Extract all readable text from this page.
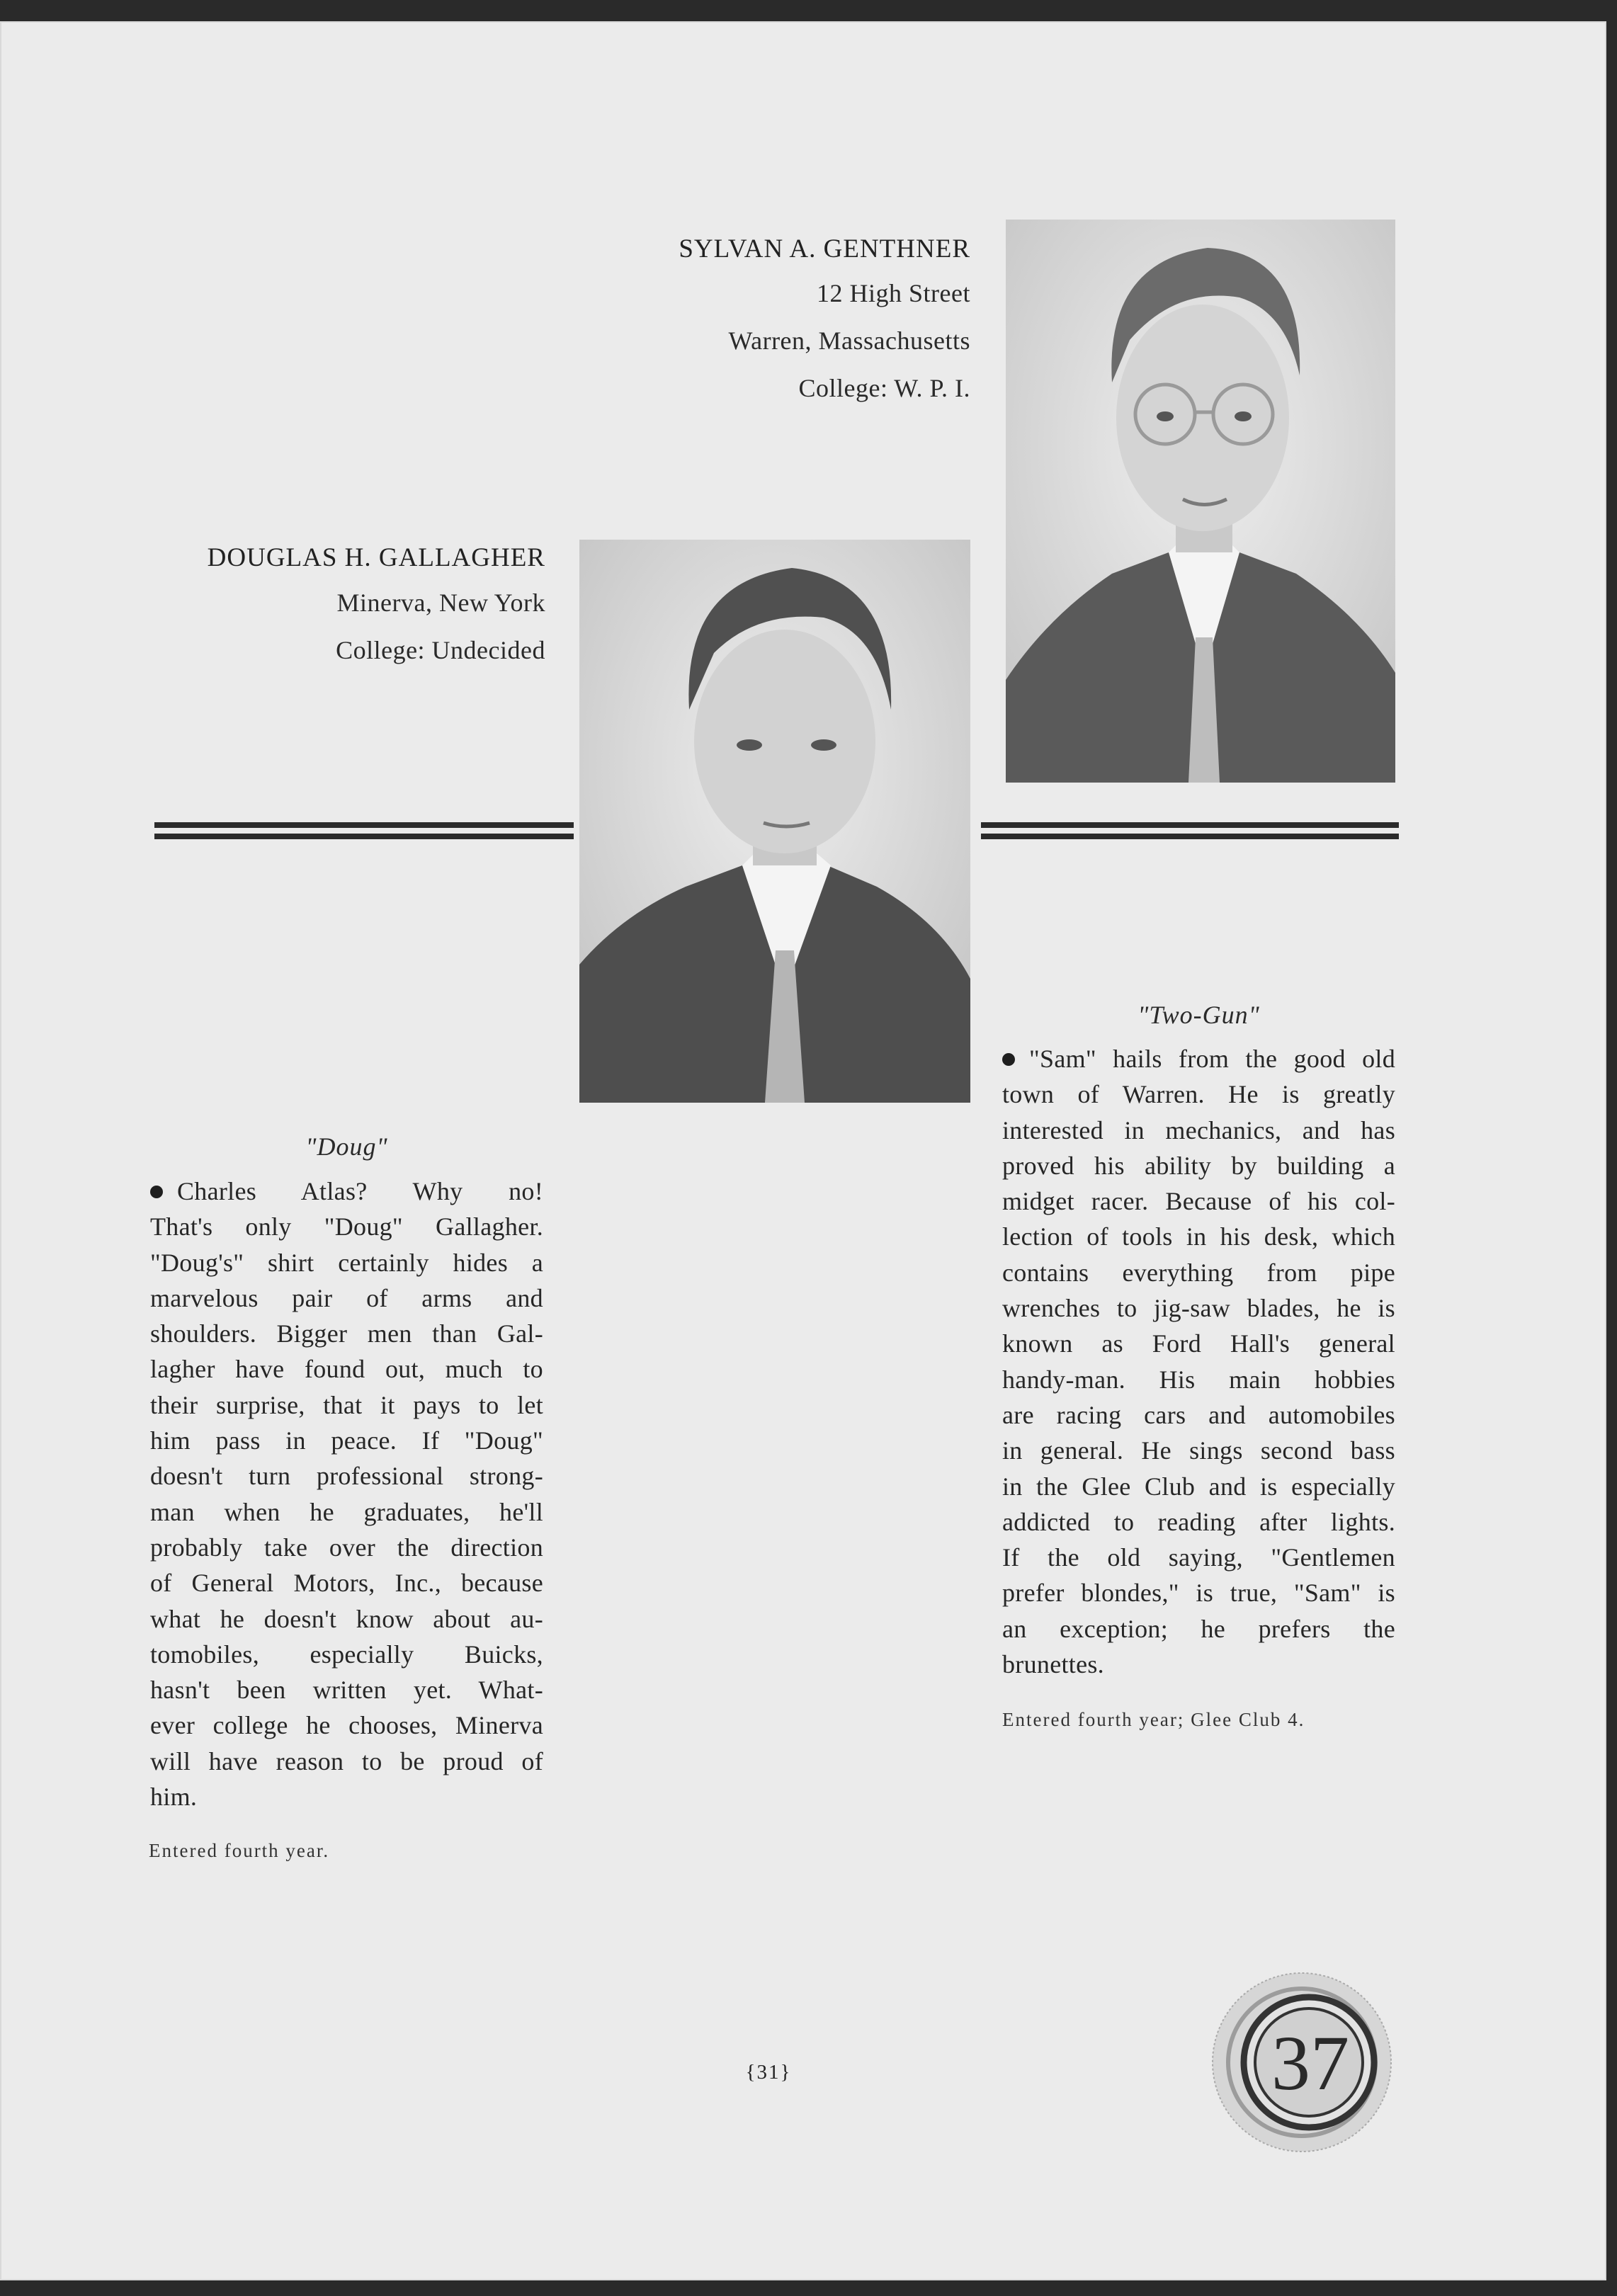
SYLVAN A. GENTHNER
12 High Street
Warren, Massachusetts
College: W. P. I.
DOUGLAS H. GALLAGHER
Minerva, New York
College: Undecided
"Two-Gun"
"Sam" hails from the good old
town of Warren. He is greatly
interested in mechanics, and has
proved his ability by building a
midget racer. Because of his col-
lection of tools in his desk, which
contains everything from pipe
wrenches to jig-saw blades, he is
known as Ford Hall's general
handy-man. His main hobbies
are racing cars and automobiles
in general. He sings second bass
in the Glee Club and is especially
addicted to reading after lights.
If the old saying, "Gentlemen
prefer blondes," is true, "Sam" is
an exception; he prefers the
brunettes.
Entered fourth year; Glee Club 4.
"Doug"
Charles Atlas? Why no!
That's only "Doug" Gallagher.
"Doug's" shirt certainly hides a
marvelous pair of arms and
shoulders. Bigger men than Gal-
lagher have found out, much to
their surprise, that it pays to let
him pass in peace. If "Doug"
doesn't turn professional strong-
man when he graduates, he'll
probably take over the direction
of General Motors, Inc., because
what he doesn't know about au-
tomobiles, especially Buicks,
hasn't been written yet. What-
ever college he chooses, Minerva
will have reason to be proud of
him.
Entered fourth year.
{31}	37
